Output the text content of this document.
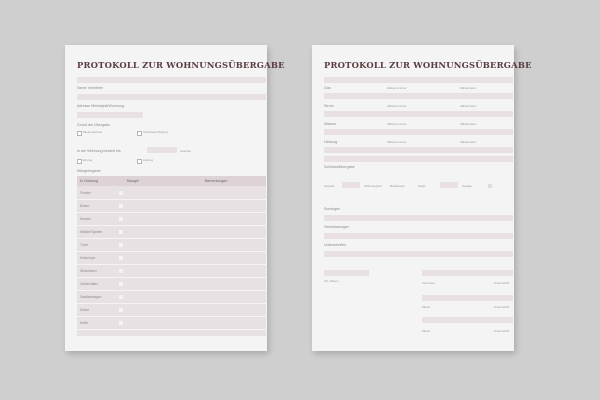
PROTOKOLL ZUR WOHNUNGSÜBERGABE
Name Vermieter
Adresse Mietobjekt/Wohnung
Grund der Übergabe
Mieterwechsel	Vorabbesichtigung
In der Wohnung bezahlt bis	Stunden
Einzug	Auszug
Mängelregister
In Ordnung	Mangel	Bemerkungen
Fenster
Böden
Decken
Wände/Tapeten
Türen
Heizkörper
Steckdosen
Lichtschalter
Sanitäranlagen
Küche
Keller
PROTOKOLL ZUR WOHNUNGSÜBERGABE
Gas	Zählernummer	Zählerstand
Strom	Zählernummer	Zählerstand
Wasser	Zählernummer	Zählerstand
Heizung	Zählernummer	Zählerstand
Schlüsselübergabe
Haustür	Wohnungstür	Briefkasten	Keller	Garage
Sonstiges
Vereinbarungen
Unterschriften
Ort, Datum	Vermieter	Unterschrift
Mieter	Unterschrift
Mieter	Unterschrift
